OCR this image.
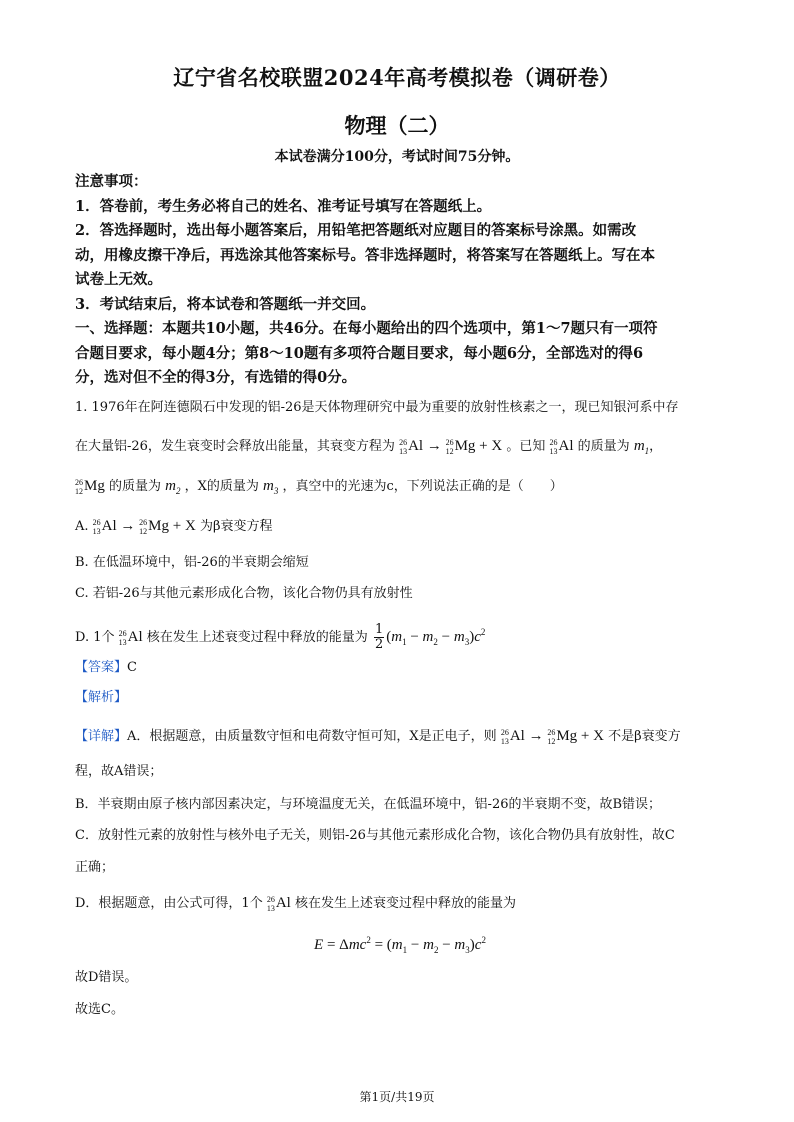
辽宁省名校联盟2024年高考模拟卷（调研卷）
物理（二）
本试卷满分100分，考试时间75分钟。
注意事项：
1．答卷前，考生务必将自己的姓名、准考证号填写在答题纸上。
2．答选择题时，选出每小题答案后，用铅笔把答题纸对应题目的答案标号涂黑。如需改
动，用橡皮擦干净后，再选涂其他答案标号。答非选择题时，将答案写在答题纸上。写在本
试卷上无效。
3．考试结束后，将本试卷和答题纸一并交回。
一、选择题：本题共10小题，共46分。在每小题给出的四个选项中，第1～7题只有一项符
合题目要求，每小题4分；第8～10题有多项符合题目要求，每小题6分，全部选对的得6
分，选对但不全的得3分，有选错的得0分。
1. 1976年在阿连德陨石中发现的铝-26是天体物理研究中最为重要的放射性核素之一，现已知银河系中存
在大量铝-26，发生衰变时会释放出能量，其衰变方程为 26
13 Al → 26
12 Mg + X 。已知 26
13 Al 的质量为 $m_1$，
26
12 Mg 的质量为 $m_2$ ，X的质量为 $m_3$ ，真空中的光速为c，下列说法正确的是（　　）
A. 26
13 Al → 26
12 Mg + X 为β衰变方程
B. 在低温环境中，铝-26的半衰期会缩短
C. 若铝-26与其他元素形成化合物，该化合物仍具有放射性
D. 1个 26
13 Al 核在发生上述衰变过程中释放的能量为 $\frac{1}{2} (m_1 - m_2 - m_3)c^2$
【答案】C
【解析】
【详解】A．根据题意，由质量数守恒和电荷数守恒可知，X是正电子，则 26
13 Al → 26
12 Mg + X 不是β衰变方
程，故A错误；
B．半衰期由原子核内部因素决定，与环境温度无关，在低温环境中，铝-26的半衰期不变，故B错误；
C．放射性元素的放射性与核外电子无关，则铝-26与其他元素形成化合物，该化合物仍具有放射性，故C
正确；
D．根据题意，由公式可得，1个 26
13 Al 核在发生上述衰变过程中释放的能量为
$E = \Delta mc^2 = (m_1 - m_2 - m_3)c^2$
故D错误。
故选C。
第1页/共19页
